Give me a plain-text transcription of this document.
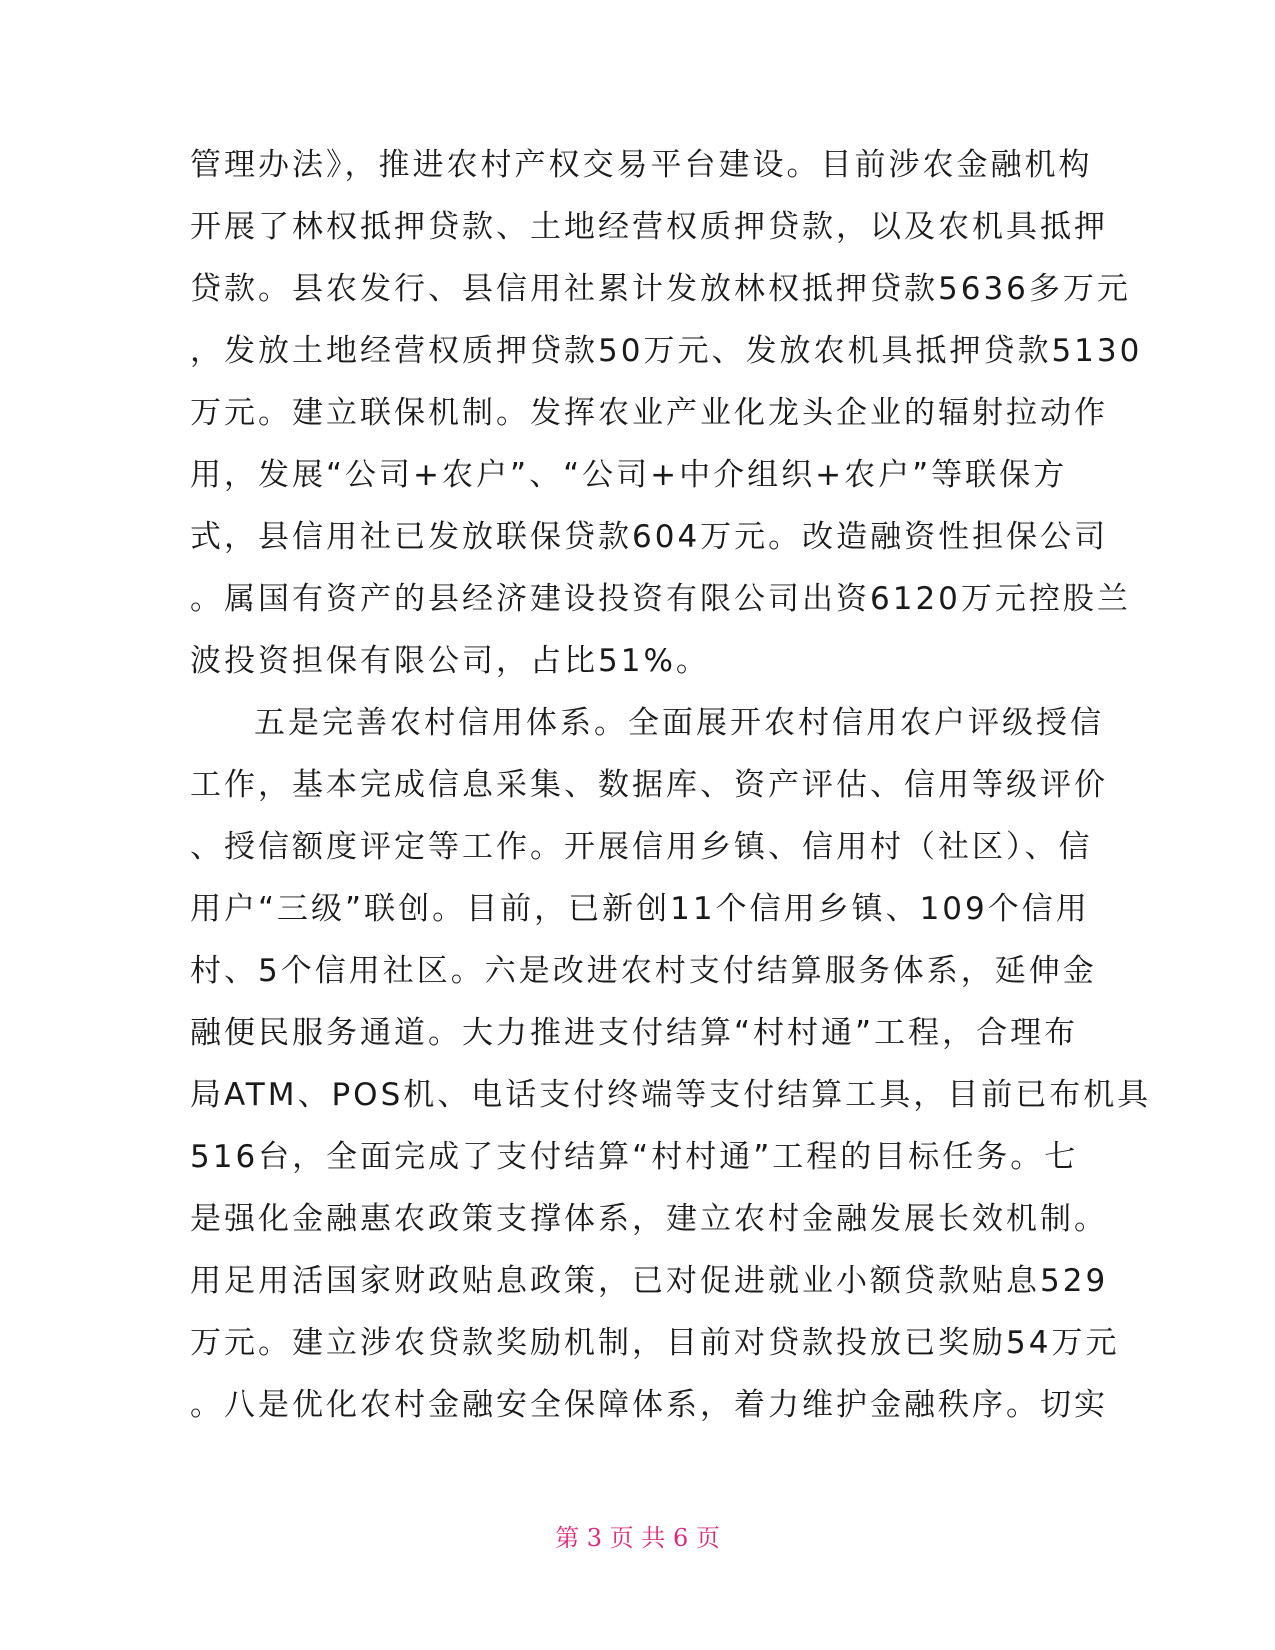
管理办法》，推进农村产权交易平台建设。目前涉农金融机构
开展了林权抵押贷款、土地经营权质押贷款，以及农机具抵押
贷款。县农发行、县信用社累计发放林权抵押贷款5636多万元
，发放土地经营权质押贷款50万元、发放农机具抵押贷款5130
万元。建立联保机制。发挥农业产业化龙头企业的辐射拉动作
用，发展“公司+农户”、“公司+中介组织+农户”等联保方
式，县信用社已发放联保贷款604万元。改造融资性担保公司
。属国有资产的县经济建设投资有限公司出资6120万元控股兰
波投资担保有限公司，占比51%。
五是完善农村信用体系。全面展开农村信用农户评级授信
工作，基本完成信息采集、数据库、资产评估、信用等级评价
、授信额度评定等工作。开展信用乡镇、信用村（社区）、信
用户“三级”联创。目前，已新创11个信用乡镇、109个信用
村、5个信用社区。六是改进农村支付结算服务体系，延伸金
融便民服务通道。大力推进支付结算“村村通”工程，合理布
局ATM、POS机、电话支付终端等支付结算工具，目前已布机具
516台，全面完成了支付结算“村村通”工程的目标任务。七
是强化金融惠农政策支撑体系，建立农村金融发展长效机制。
用足用活国家财政贴息政策，已对促进就业小额贷款贴息529
万元。建立涉农贷款奖励机制，目前对贷款投放已奖励54万元
。八是优化农村金融安全保障体系，着力维护金融秩序。切实
第 3 页 共 6 页
